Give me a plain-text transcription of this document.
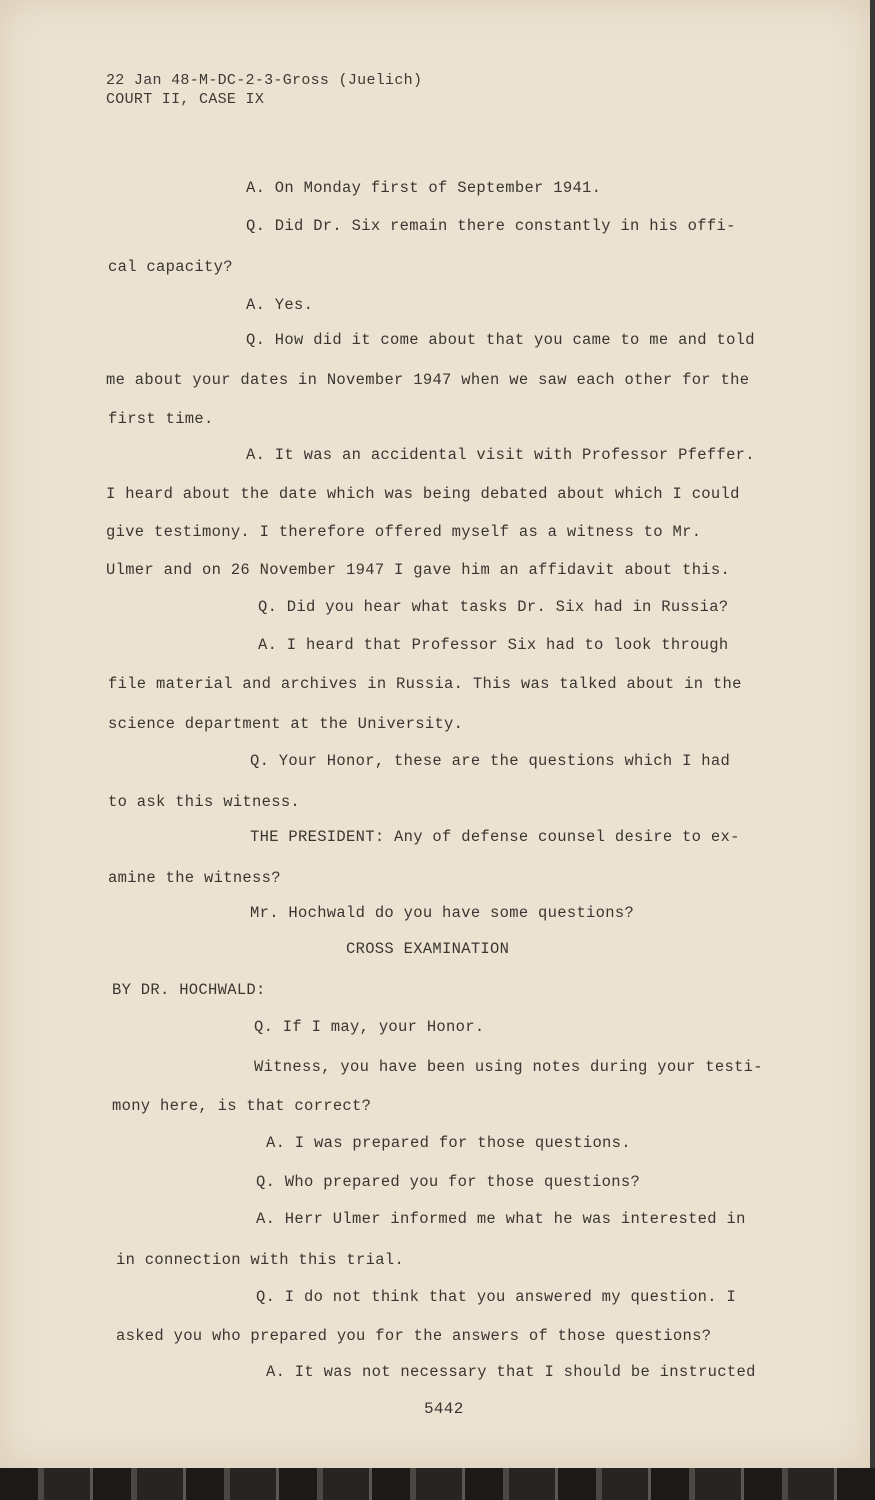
22 Jan 48-M-DC-2-3-Gross (Juelich)

COURT II, CASE IX

A. On Monday first of September 1941.

Q. Did Dr. Six remain there constantly in his offi-

cal capacity?

A. Yes.

Q. How did it come about that you came to me and told

me about your dates in November 1947 when we saw each other for the

first time.

A. It was an accidental visit with Professor Pfeffer.

I heard about the date which was being debated about which I could

give testimony. I therefore offered myself as a witness to Mr.

Ulmer and on 26 November 1947 I gave him an affidavit about this.

Q. Did you hear what tasks Dr. Six had in Russia?

A. I heard that Professor Six had to look through

file material and archives in Russia. This was talked about in the

science department at the University.

Q. Your Honor, these are the questions which I had

to ask this witness.

THE PRESIDENT: Any of defense counsel desire to ex-

amine the witness?

Mr. Hochwald do you have some questions?

CROSS EXAMINATION

BY DR. HOCHWALD:

Q. If I may, your Honor.

Witness, you have been using notes during your testi-

mony here, is that correct?

A. I was prepared for those questions.

Q. Who prepared you for those questions?

A. Herr Ulmer informed me what he was interested in

in connection with this trial.

Q. I do not think that you answered my question. I

asked you who prepared you for the answers of those questions?

A. It was not necessary that I should be instructed

5442
